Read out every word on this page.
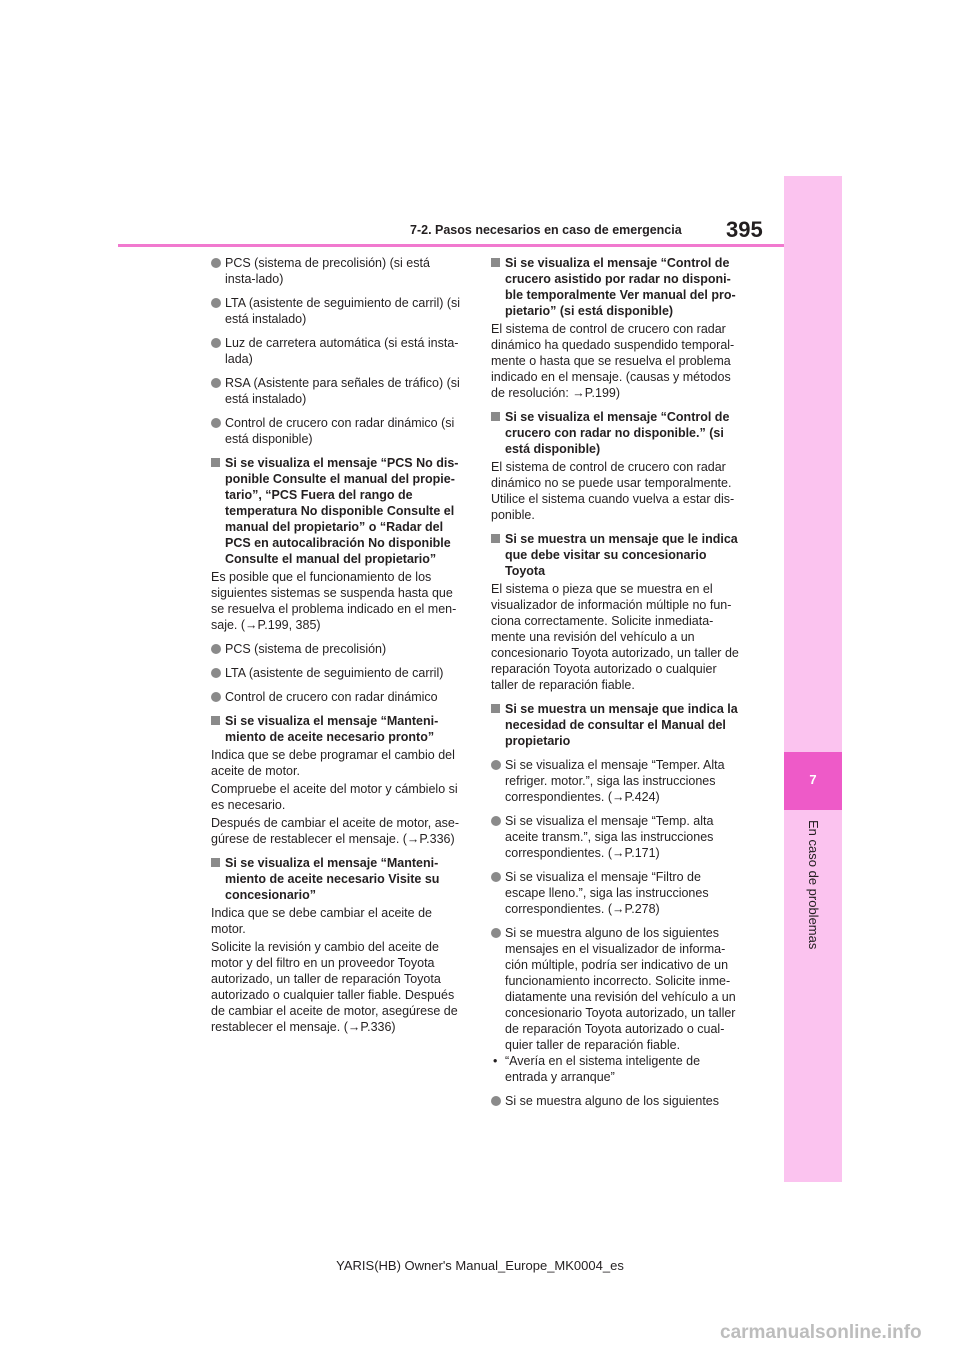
7
En caso de problemas
395
7-2. Pasos necesarios en caso de emergencia
PCS (sistema de precolisión) (si está insta-lado)
LTA (asistente de seguimiento de carril) (si está instalado)
Luz de carretera automática (si está insta-lada)
RSA (Asistente para señales de tráfico) (si está instalado)
Control de crucero con radar dinámico (si está disponible)
Si se visualiza el mensaje “PCS No dis-ponible Consulte el manual del propie-tario”, “PCS Fuera del rango de temperatura No disponible Consulte el manual del propietario” o “Radar del PCS en autocalibración No disponible Consulte el manual del propietario”
Es posible que el funcionamiento de los siguientes sistemas se suspenda hasta que se resuelva el problema indicado en el men-saje. (→P.199, 385)
PCS (sistema de precolisión)
LTA (asistente de seguimiento de carril)
Control de crucero con radar dinámico
Si se visualiza el mensaje “Manteni-miento de aceite necesario pronto”
Indica que se debe programar el cambio del aceite de motor.
Compruebe el aceite del motor y cámbielo si es necesario.
Después de cambiar el aceite de motor, ase-gúrese de restablecer el mensaje. (→P.336)
Si se visualiza el mensaje “Manteni-miento de aceite necesario Visite su concesionario”
Indica que se debe cambiar el aceite de motor.
Solicite la revisión y cambio del aceite de motor y del filtro en un proveedor Toyota autorizado, un taller de reparación Toyota autorizado o cualquier taller fiable. Después de cambiar el aceite de motor, asegúrese de restablecer el mensaje. (→P.336)
Si se visualiza el mensaje “Control de crucero asistido por radar no disponi-ble temporalmente Ver manual del pro-pietario” (si está disponible)
El sistema de control de crucero con radar dinámico ha quedado suspendido temporal-mente o hasta que se resuelva el problema indicado en el mensaje. (causas y métodos de resolución: →P.199)
Si se visualiza el mensaje “Control de crucero con radar no disponible.” (si está disponible)
El sistema de control de crucero con radar dinámico no se puede usar temporalmente. Utilice el sistema cuando vuelva a estar dis-ponible.
Si se muestra un mensaje que le indica que debe visitar su concesionario Toyota
El sistema o pieza que se muestra en el visualizador de información múltiple no fun-ciona correctamente. Solicite inmediata-mente una revisión del vehículo a un concesionario Toyota autorizado, un taller de reparación Toyota autorizado o cualquier taller de reparación fiable.
Si se muestra un mensaje que indica la necesidad de consultar el Manual del propietario
Si se visualiza el mensaje “Temper. Alta refriger. motor.”, siga las instrucciones correspondientes. (→P.424)
Si se visualiza el mensaje “Temp. alta aceite transm.”, siga las instrucciones correspondientes. (→P.171)
Si se visualiza el mensaje “Filtro de escape lleno.”, siga las instrucciones correspondientes. (→P.278)
Si se muestra alguno de los siguientes mensajes en el visualizador de informa-ción múltiple, podría ser indicativo de un funcionamiento incorrecto. Solicite inme-diatamente una revisión del vehículo a un concesionario Toyota autorizado, un taller de reparación Toyota autorizado o cual-quier taller de reparación fiable.
• “Avería en el sistema inteligente de entrada y arranque”
Si se muestra alguno de los siguientes
YARIS(HB) Owner's Manual_Europe_MK0004_es
carmanualsonline.info
